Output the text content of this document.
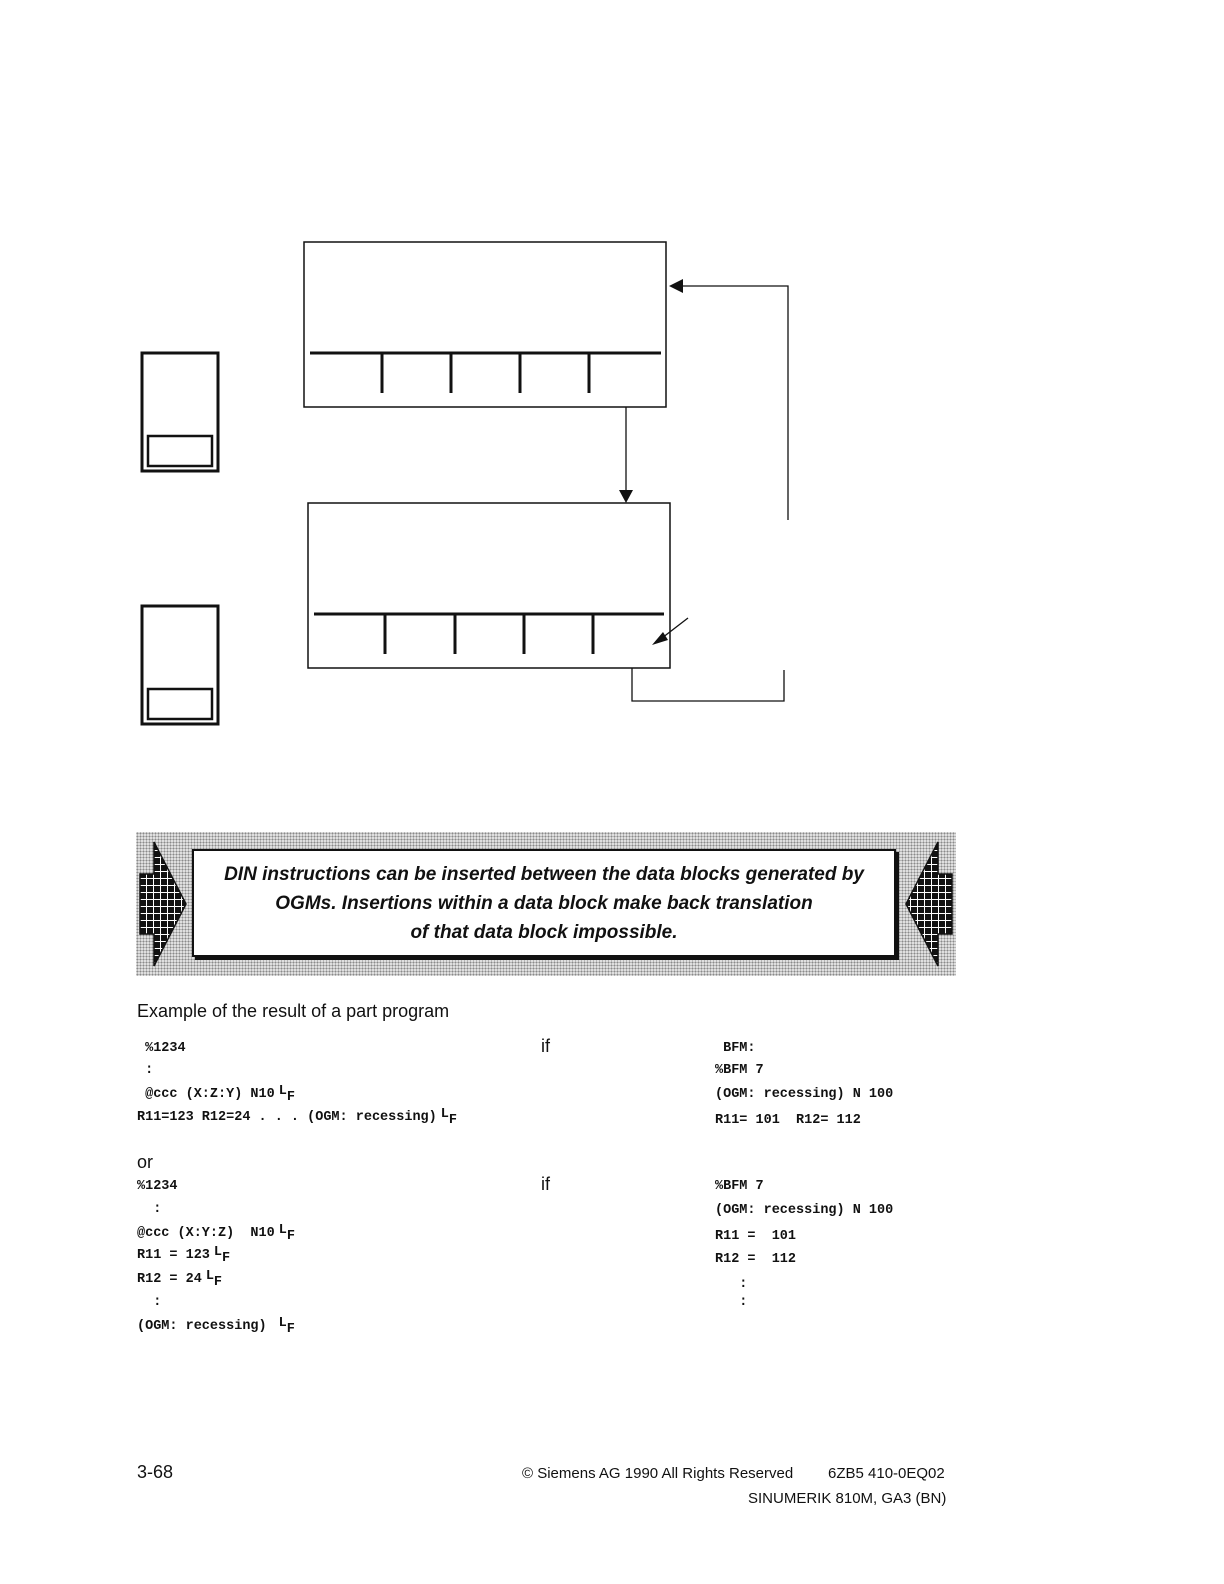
DIN instructions can be inserted between the data blocks generated by
OGMs. Insertions within a data block make back translation
of that data block impossible.
Example of the result of a part program
%1234
:
@ccc (X:Z:Y) N10 LF
R11=123 R12=24 . . . (OGM: recessing) LF
if	BFM:
%BFM 7
(OGM: recessing) N 100
R11= 101  R12= 112
or
%1234
:
@ccc (X:Y:Z)  N10 LF
R11 = 123 LF
R12 = 24 LF
:
(OGM: recessing) LF
if	%BFM 7
(OGM: recessing) N 100
R11 =  101
R12 =  112
:
:
3-68	© Siemens AG 1990 All Rights Reserved 6ZB5 410-0EQ02
SINUMERIK 810M, GA3 (BN)
